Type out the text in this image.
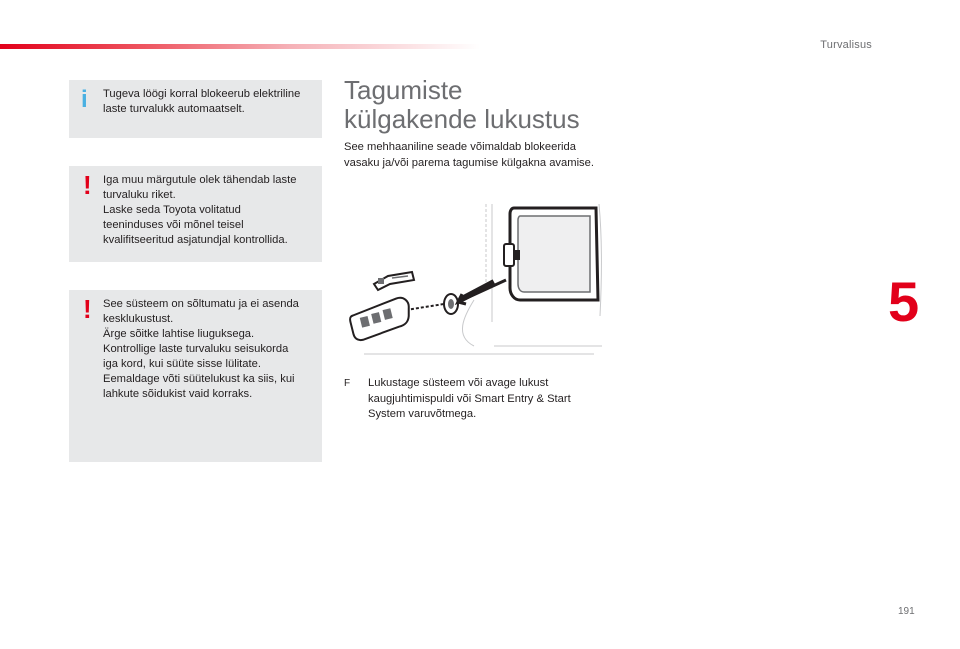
Turvalisus
5
191
i Tugeva löögi korral blokeerub elektriline
laste turvalukk automaatselt.
! Iga muu märgutule olek tähendab laste
turvaluku riket.
Laske seda Toyota volitatud
teeninduses või mõnel teisel
kvalifitseeritud asjatundjal kontrollida.
! See süsteem on sõltumatu ja ei asenda
kesklukustust.
Ärge sõitke lahtise liuguksega.
Kontrollige laste turvaluku seisukorda
iga kord, kui süüte sisse lülitate.
Eemaldage võti süütelukust ka siis, kui
lahkute sõidukist vaid korraks.
Tagumiste
külgakende lukustus
See mehhaaniline seade võimaldab blokeerida vasaku ja/või parema tagumise külgakna avamise.
F Lukustage süsteem või avage lukust kaugjuhtimispuldi või Smart Entry & Start System varuvõtmega.
